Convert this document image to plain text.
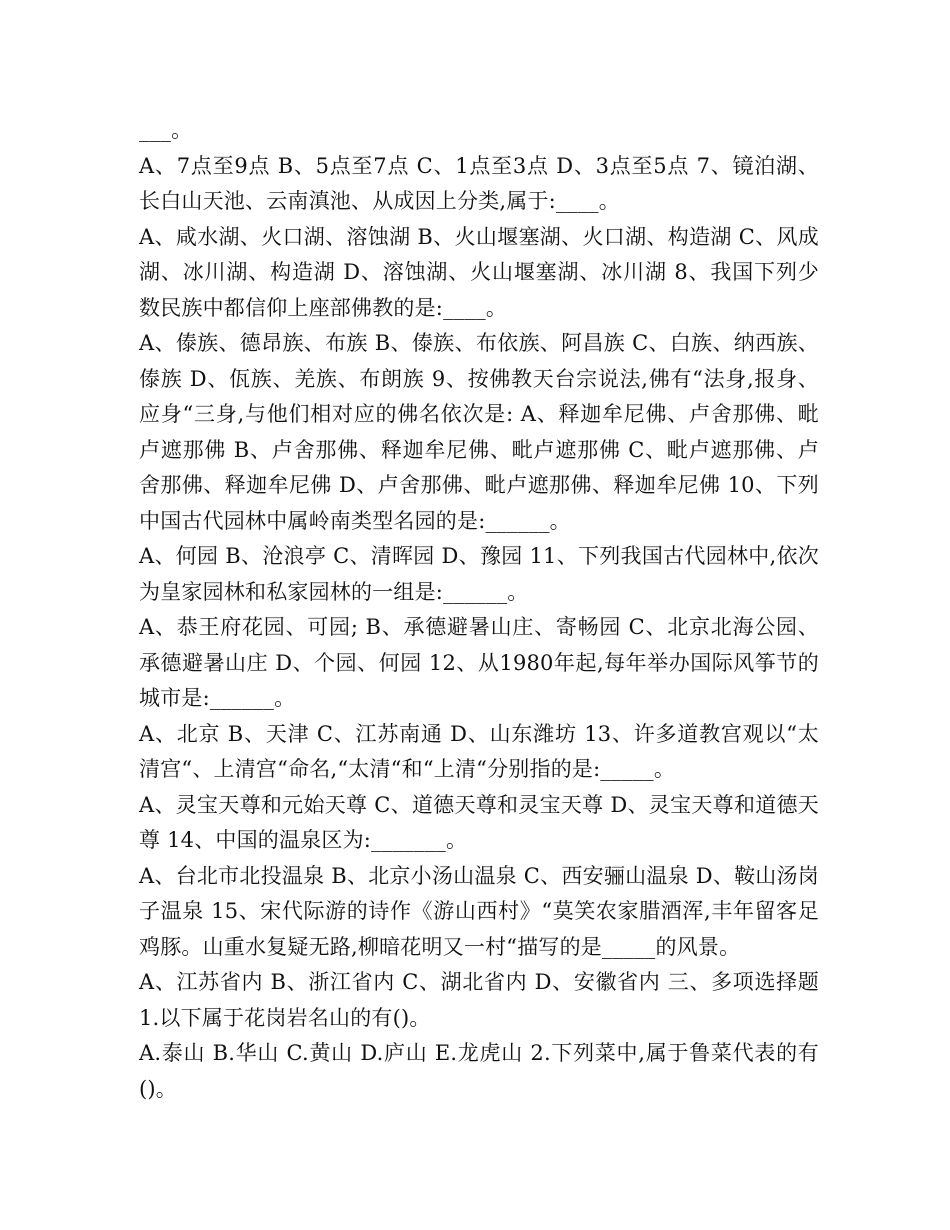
___。

A、7点至9点 B、5点至7点 C、1点至3点 D、3点至5点 7、镜泊湖、长白山天池、云南滇池、从成因上分类,属于:____。

A、咸水湖、火口湖、溶蚀湖 B、火山堰塞湖、火口湖、构造湖 C、风成湖、冰川湖、构造湖 D、溶蚀湖、火山堰塞湖、冰川湖 8、我国下列少数民族中都信仰上座部佛教的是:____。

A、傣族、德昂族、布族 B、傣族、布依族、阿昌族 C、白族、纳西族、傣族 D、佤族、羌族、布朗族 9、按佛教天台宗说法,佛有“法身,报身、应身“三身,与他们相对应的佛名依次是: A、释迦牟尼佛、卢舍那佛、毗卢遮那佛 B、卢舍那佛、释迦牟尼佛、毗卢遮那佛 C、毗卢遮那佛、卢舍那佛、释迦牟尼佛 D、卢舍那佛、毗卢遮那佛、释迦牟尼佛 10、下列中国古代园林中属岭南类型名园的是:______。

A、何园 B、沧浪亭 C、清晖园 D、豫园 11、下列我国古代园林中,依次为皇家园林和私家园林的一组是:______。

A、恭王府花园、可园; B、承德避暑山庄、寄畅园 C、北京北海公园、承德避暑山庄 D、个园、何园 12、从1980年起,每年举办国际风筝节的城市是:______。

A、北京 B、天津 C、江苏南通 D、山东潍坊 13、许多道教宫观以“太清宫“、上清宫“命名,“太清“和“上清“分别指的是:_____。

A、灵宝天尊和元始天尊 C、道德天尊和灵宝天尊 D、灵宝天尊和道德天尊 14、中国的温泉区为:_______。

A、台北市北投温泉 B、北京小汤山温泉 C、西安骊山温泉 D、鞍山汤岗子温泉 15、宋代际游的诗作《游山西村》“莫笑农家腊酒浑,丰年留客足鸡豚。山重水复疑无路,柳暗花明又一村“描写的是_____的风景。

A、江苏省内 B、浙江省内 C、湖北省内 D、安徽省内 三、多项选择题 1.以下属于花岗岩名山的有()。

A.泰山 B.华山 C.黄山 D.庐山 E.龙虎山 2.下列菜中,属于鲁菜代表的有()。
